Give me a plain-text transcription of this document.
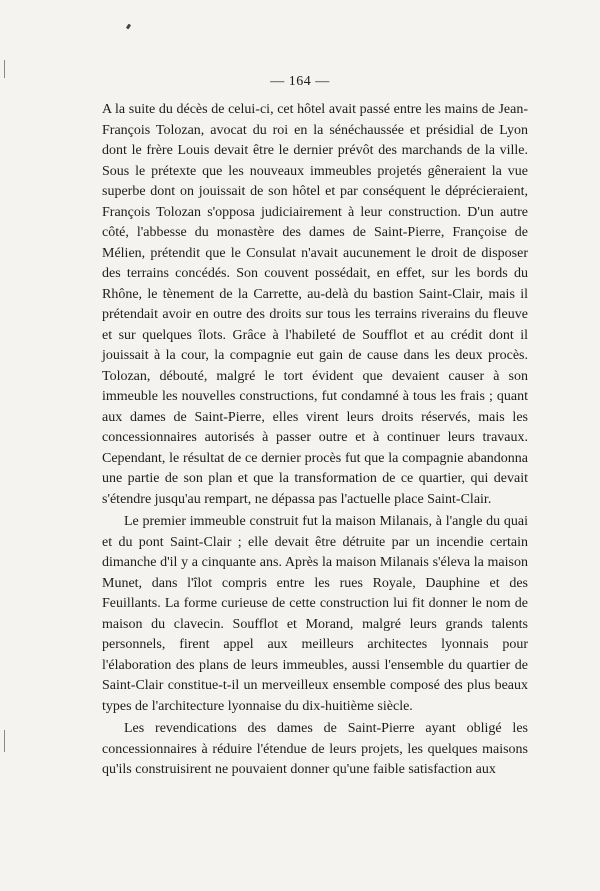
— 164 —

A la suite du décès de celui-ci, cet hôtel avait passé entre les mains de Jean-François Tolozan, avocat du roi en la sénéchaussée et présidial de Lyon dont le frère Louis devait être le dernier prévôt des marchands de la ville. Sous le prétexte que les nouveaux immeubles projetés gêneraient la vue superbe dont on jouissait de son hôtel et par conséquent le déprécieraient, François Tolozan s'opposa judiciairement à leur construction. D'un autre côté, l'abbesse du monastère des dames de Saint-Pierre, Françoise de Mélien, prétendit que le Consulat n'avait aucunement le droit de disposer des terrains concédés. Son couvent possédait, en effet, sur les bords du Rhône, le tènement de la Carrette, au-delà du bastion Saint-Clair, mais il prétendait avoir en outre des droits sur tous les terrains riverains du fleuve et sur quelques îlots. Grâce à l'habileté de Soufflot et au crédit dont il jouissait à la cour, la compagnie eut gain de cause dans les deux procès. Tolozan, débouté, malgré le tort évident que devaient causer à son immeuble les nouvelles constructions, fut condamné à tous les frais ; quant aux dames de Saint-Pierre, elles virent leurs droits réservés, mais les concessionnaires autorisés à passer outre et à continuer leurs travaux. Cependant, le résultat de ce dernier procès fut que la compagnie abandonna une partie de son plan et que la transformation de ce quartier, qui devait s'étendre jusqu'au rempart, ne dépassa pas l'actuelle place Saint-Clair.

Le premier immeuble construit fut la maison Milanais, à l'angle du quai et du pont Saint-Clair ; elle devait être détruite par un incendie certain dimanche d'il y a cinquante ans. Après la maison Milanais s'éleva la maison Munet, dans l'îlot compris entre les rues Royale, Dauphine et des Feuillants. La forme curieuse de cette construction lui fit donner le nom de maison du clavecin. Soufflot et Morand, malgré leurs grands talents personnels, firent appel aux meilleurs architectes lyonnais pour l'élaboration des plans de leurs immeubles, aussi l'ensemble du quartier de Saint-Clair constitue-t-il un merveilleux ensemble composé des plus beaux types de l'architecture lyonnaise du dix-huitième siècle.

Les revendications des dames de Saint-Pierre ayant obligé les concessionnaires à réduire l'étendue de leurs projets, les quelques maisons qu'ils construisirent ne pouvaient donner qu'une faible satisfaction aux
